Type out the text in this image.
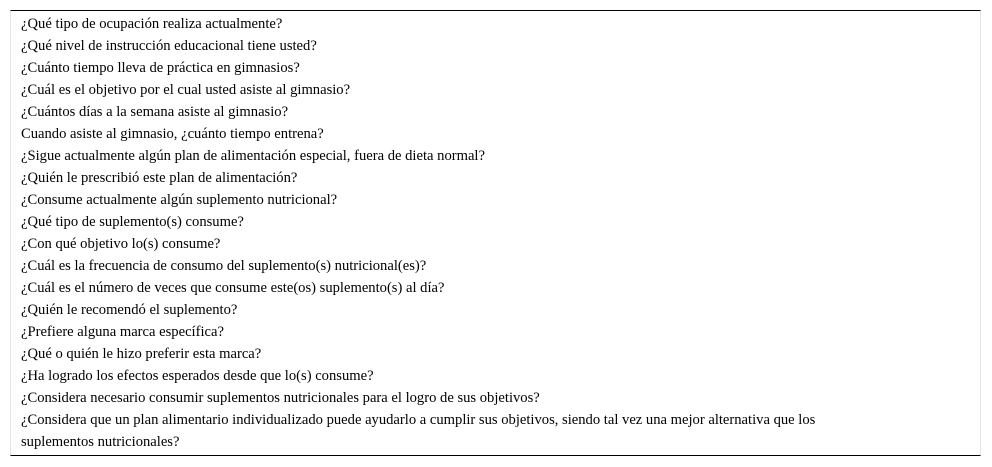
¿Qué tipo de ocupación realiza actualmente?
¿Qué nivel de instrucción educacional tiene usted?
¿Cuánto tiempo lleva de práctica en gimnasios?
¿Cuál es el objetivo por el cual usted asiste al gimnasio?
¿Cuántos días a la semana asiste al gimnasio?
Cuando asiste al gimnasio, ¿cuánto tiempo entrena?
¿Sigue actualmente algún plan de alimentación especial, fuera de dieta normal?
¿Quién le prescribió este plan de alimentación?
¿Consume actualmente algún suplemento nutricional?
¿Qué tipo de suplemento(s) consume?
¿Con qué objetivo lo(s) consume?
¿Cuál es la frecuencia de consumo del suplemento(s) nutricional(es)?
¿Cuál es el número de veces que consume este(os) suplemento(s) al día?
¿Quién le recomendó el suplemento?
¿Prefiere alguna marca específica?
¿Qué o quién le hizo preferir esta marca?
¿Ha logrado los efectos esperados desde que lo(s) consume?
¿Considera necesario consumir suplementos nutricionales para el logro de sus objetivos?
¿Considera que un plan alimentario individualizado puede ayudarlo a cumplir sus objetivos, siendo tal vez una mejor alternativa que los suplementos nutricionales?
